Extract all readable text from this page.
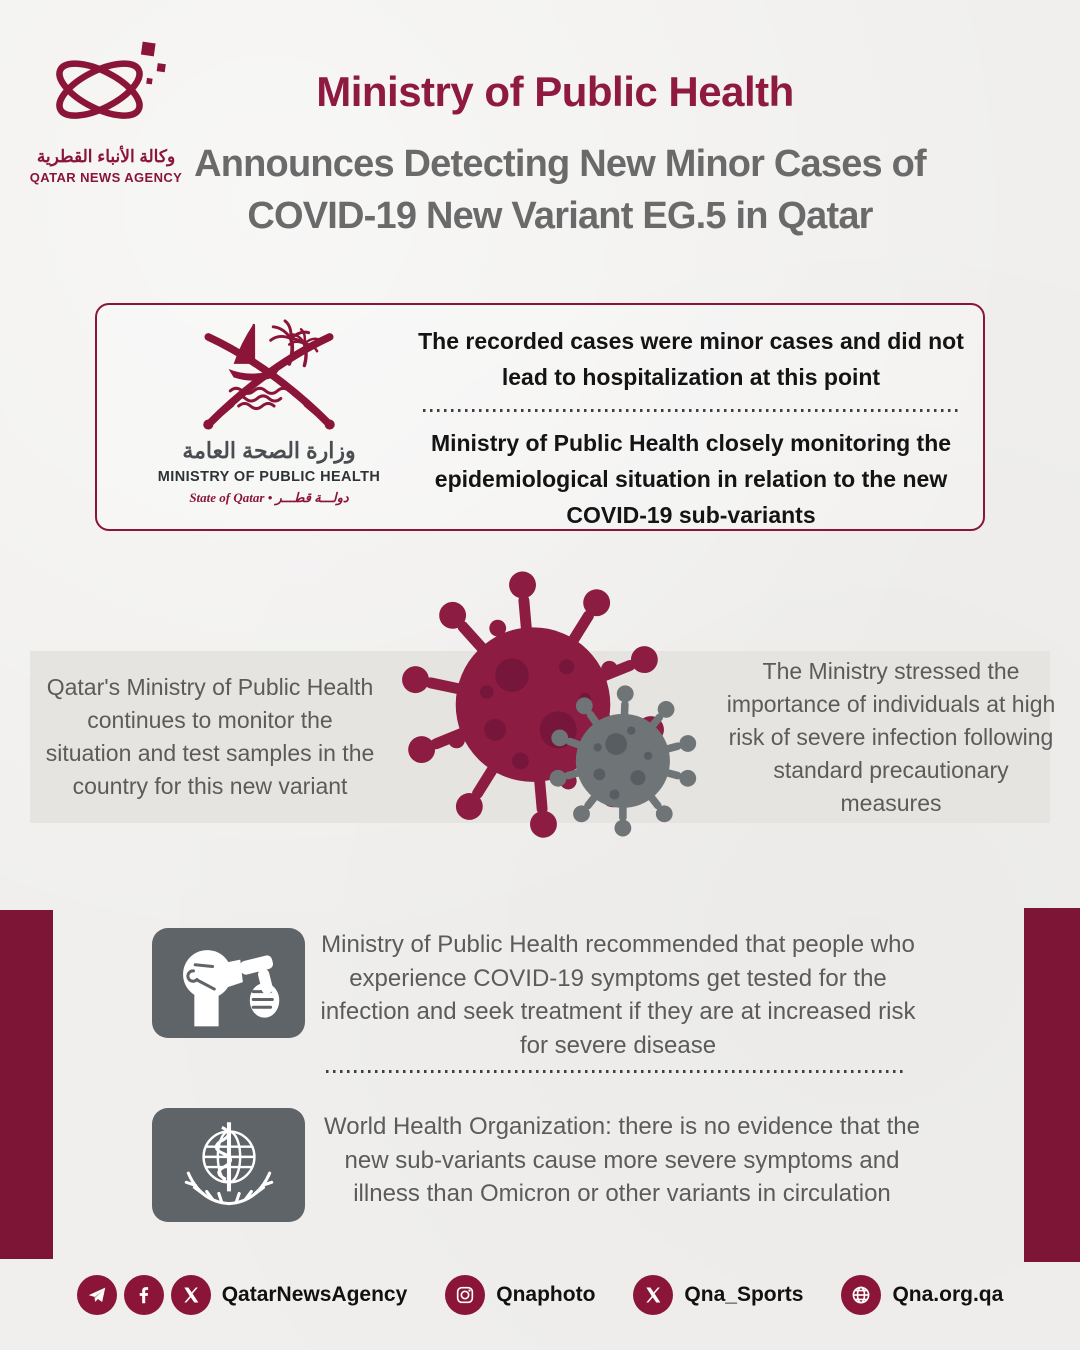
وكالة الأنباء القطرية
QATAR NEWS AGENCY
Ministry of Public Health
Announces Detecting New Minor Cases of
COVID-19 New Variant EG.5 in Qatar
وزارة الصحة العامة
MINISTRY OF PUBLIC HEALTH
State of Qatar • دولـــة قطـــر

The recorded cases were minor cases and did not lead to hospitalization at this point

Ministry of Public Health closely monitoring the epidemiological situation in relation to the new COVID-19 sub-variants

Qatar's Ministry of Public Health continues to monitor the situation and test samples in the country for this new variant
The Ministry stressed the importance of individuals at high risk of severe infection following standard precautionary measures

Ministry of Public Health recommended that people who experience COVID-19 symptoms get tested for the infection and seek treatment if they are at increased risk for severe disease

World Health Organization: there is no evidence that the new sub-variants cause more severe symptoms and illness than Omicron or other variants in circulation

QatarNewsAgency	Qnaphoto	Qna_Sports	Qna.org.qa
